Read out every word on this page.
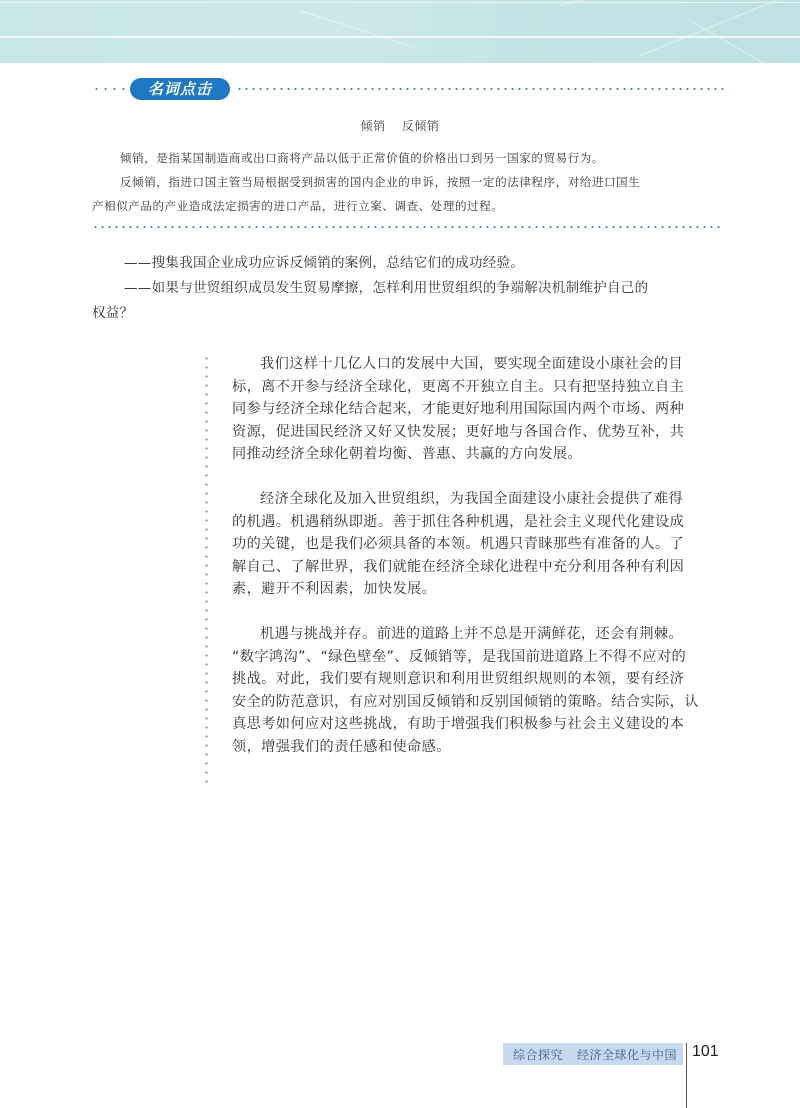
名词点击
倾销 反倾销
倾销，是指某国制造商或出口商将产品以低于正常价值的价格出口到另一国家的贸易行为。
反倾销，指进口国主管当局根据受到损害的国内企业的申诉，按照一定的法律程序，对给进口国生
产相似产品的产业造成法定损害的进口产品，进行立案、调查、处理的过程。
——搜集我国企业成功应诉反倾销的案例，总结它们的成功经验。
——如果与世贸组织成员发生贸易摩擦，怎样利用世贸组织的争端解决机制维护自己的
权益？

我们这样十几亿人口的发展中大国，要实现全面建设小康社会的目

标，离不开参与经济全球化，更离不开独立自主。只有把坚持独立自主

同参与经济全球化结合起来，才能更好地利用国际国内两个市场、两种

资源，促进国民经济又好又快发展；更好地与各国合作、优势互补，共

同推动经济全球化朝着均衡、普惠、共赢的方向发展。

经济全球化及加入世贸组织，为我国全面建设小康社会提供了难得

的机遇。机遇稍纵即逝。善于抓住各种机遇，是社会主义现代化建设成

功的关键，也是我们必须具备的本领。机遇只青睐那些有准备的人。了

解自己、了解世界，我们就能在经济全球化进程中充分利用各种有利因

素，避开不利因素，加快发展。

机遇与挑战并存。前进的道路上并不总是开满鲜花，还会有荆棘。

“数字鸿沟”、“绿色壁垒”、反倾销等，是我国前进道路上不得不应对的

挑战。对此，我们要有规则意识和利用世贸组织规则的本领，要有经济

安全的防范意识，有应对别国反倾销和反别国倾销的策略。结合实际，认

真思考如何应对这些挑战，有助于增强我们积极参与社会主义建设的本

领，增强我们的责任感和使命感。

综合探究 经济全球化与中国 101
